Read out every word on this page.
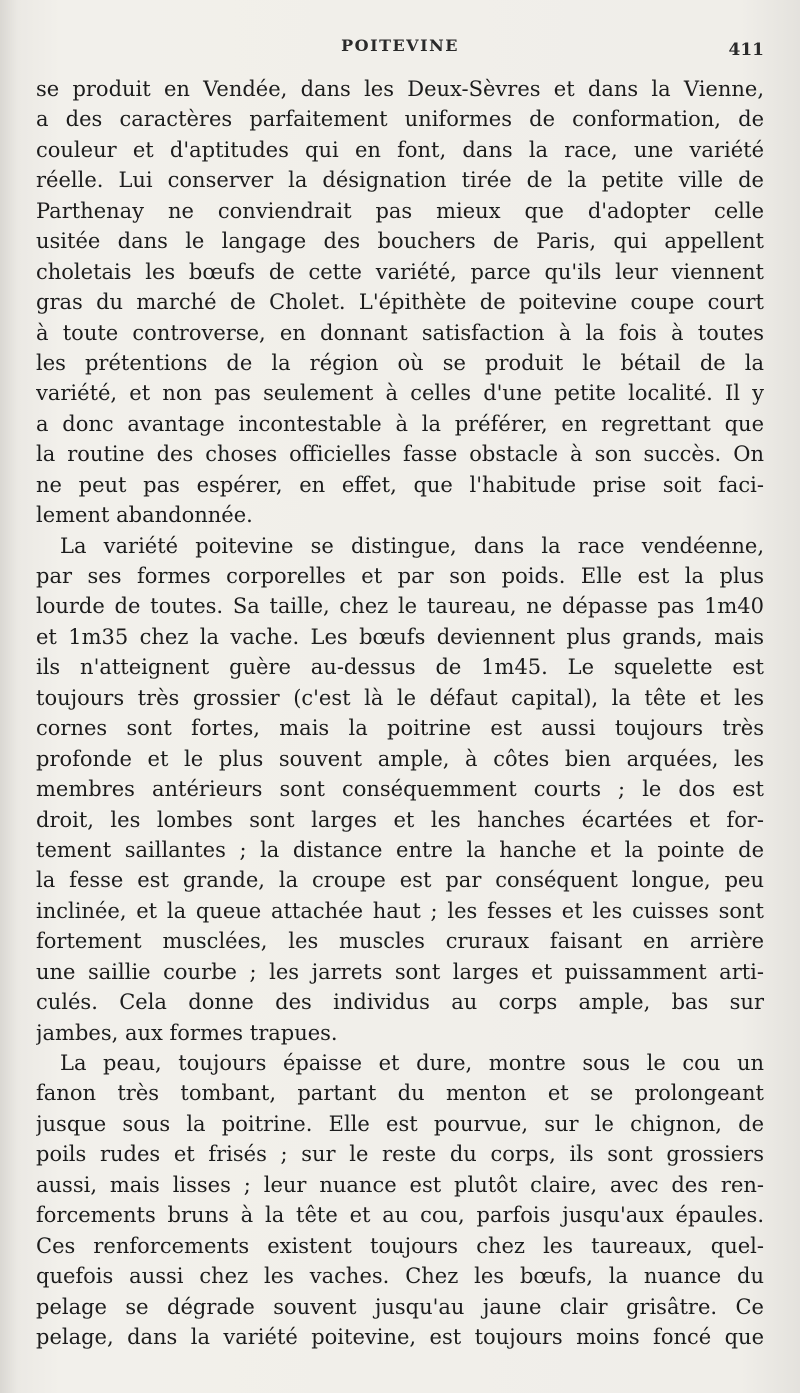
POITEVINE	411
se produit en Vendée, dans les Deux-Sèvres et dans la Vienne,
a des caractères parfaitement uniformes de conformation, de
couleur et d'aptitudes qui en font, dans la race, une variété
réelle. Lui conserver la désignation tirée de la petite ville de
Parthenay ne conviendrait pas mieux que d'adopter celle
usitée dans le langage des bouchers de Paris, qui appellent
choletais les bœufs de cette variété, parce qu'ils leur viennent
gras du marché de Cholet. L'épithète de poitevine coupe court
à toute controverse, en donnant satisfaction à la fois à toutes
les prétentions de la région où se produit le bétail de la
variété, et non pas seulement à celles d'une petite localité. Il y
a donc avantage incontestable à la préférer, en regrettant que
la routine des choses officielles fasse obstacle à son succès. On
ne peut pas espérer, en effet, que l'habitude prise soit faci-
lement abandonnée.
La variété poitevine se distingue, dans la race vendéenne,
par ses formes corporelles et par son poids. Elle est la plus
lourde de toutes. Sa taille, chez le taureau, ne dépasse pas 1m40
et 1m35 chez la vache. Les bœufs deviennent plus grands, mais
ils n'atteignent guère au-dessus de 1m45. Le squelette est
toujours très grossier (c'est là le défaut capital), la tête et les
cornes sont fortes, mais la poitrine est aussi toujours très
profonde et le plus souvent ample, à côtes bien arquées, les
membres antérieurs sont conséquemment courts ; le dos est
droit, les lombes sont larges et les hanches écartées et for-
tement saillantes ; la distance entre la hanche et la pointe de
la fesse est grande, la croupe est par conséquent longue, peu
inclinée, et la queue attachée haut ; les fesses et les cuisses sont
fortement musclées, les muscles cruraux faisant en arrière
une saillie courbe ; les jarrets sont larges et puissamment arti-
culés. Cela donne des individus au corps ample, bas sur
jambes, aux formes trapues.
La peau, toujours épaisse et dure, montre sous le cou un
fanon très tombant, partant du menton et se prolongeant
jusque sous la poitrine. Elle est pourvue, sur le chignon, de
poils rudes et frisés ; sur le reste du corps, ils sont grossiers
aussi, mais lisses ; leur nuance est plutôt claire, avec des ren-
forcements bruns à la tête et au cou, parfois jusqu'aux épaules.
Ces renforcements existent toujours chez les taureaux, quel-
quefois aussi chez les vaches. Chez les bœufs, la nuance du
pelage se dégrade souvent jusqu'au jaune clair grisâtre. Ce
pelage, dans la variété poitevine, est toujours moins foncé que
